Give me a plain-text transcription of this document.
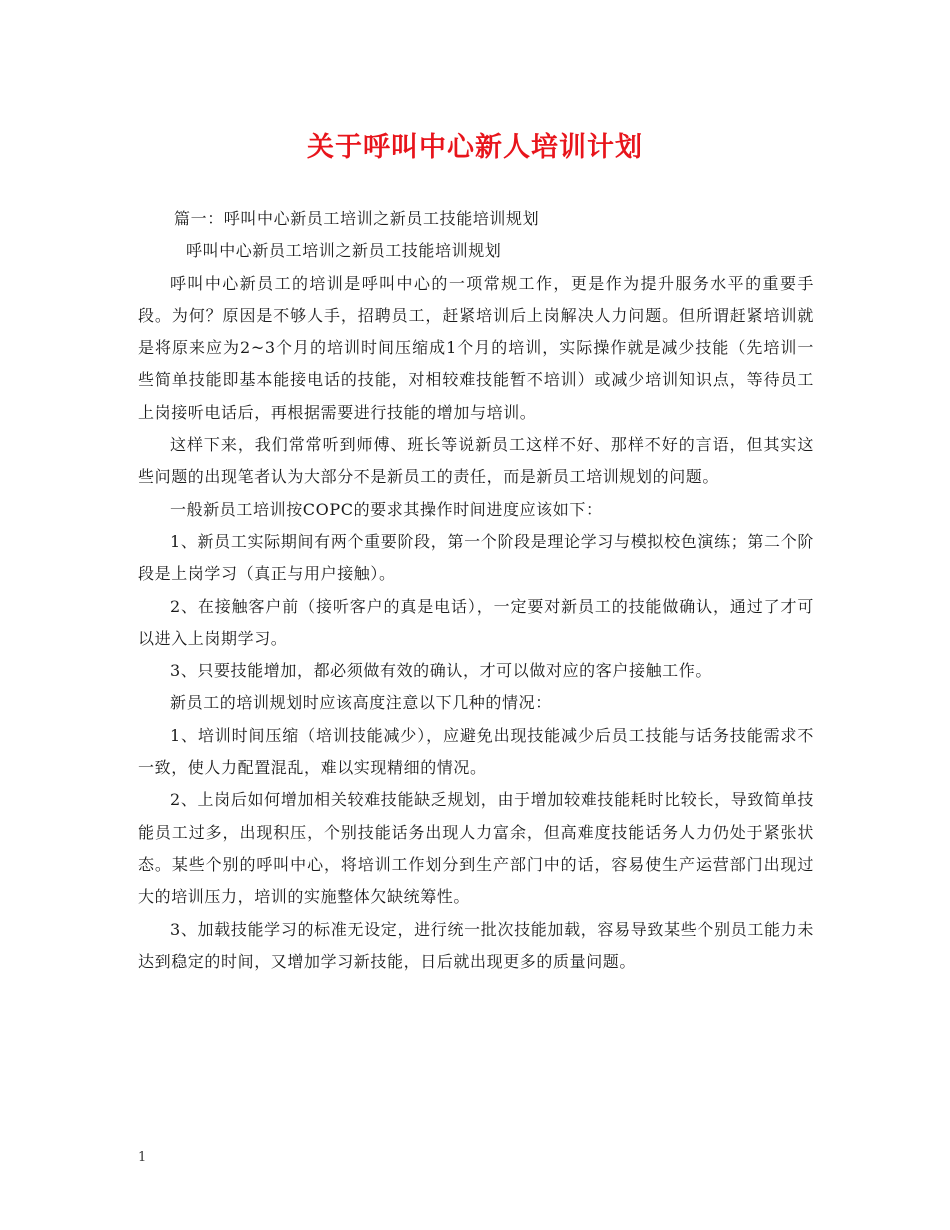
关于呼叫中心新人培训计划

篇一：呼叫中心新员工培训之新员工技能培训规划

呼叫中心新员工培训之新员工技能培训规划

呼叫中心新员工的培训是呼叫中心的一项常规工作，更是作为提升服务水平的重要手段。为何？原因是不够人手，招聘员工，赶紧培训后上岗解决人力问题。但所谓赶紧培训就是将原来应为2~3个月的培训时间压缩成1个月的培训，实际操作就是减少技能（先培训一些简单技能即基本能接电话的技能，对相较难技能暂不培训）或减少培训知识点，等待员工上岗接听电话后，再根据需要进行技能的增加与培训。

这样下来，我们常常听到师傅、班长等说新员工这样不好、那样不好的言语，但其实这些问题的出现笔者认为大部分不是新员工的责任，而是新员工培训规划的问题。

一般新员工培训按COPC的要求其操作时间进度应该如下：

1、新员工实际期间有两个重要阶段，第一个阶段是理论学习与模拟校色演练；第二个阶段是上岗学习（真正与用户接触）。

2、在接触客户前（接听客户的真是电话），一定要对新员工的技能做确认，通过了才可以进入上岗期学习。

3、只要技能增加，都必须做有效的确认，才可以做对应的客户接触工作。

新员工的培训规划时应该高度注意以下几种的情况：

1、培训时间压缩（培训技能减少），应避免出现技能减少后员工技能与话务技能需求不一致，使人力配置混乱，难以实现精细的情况。

2、上岗后如何增加相关较难技能缺乏规划，由于增加较难技能耗时比较长，导致简单技能员工过多，出现积压，个别技能话务出现人力富余，但高难度技能话务人力仍处于紧张状态。某些个别的呼叫中心，将培训工作划分到生产部门中的话，容易使生产运营部门出现过大的培训压力，培训的实施整体欠缺统筹性。

3、加载技能学习的标准无设定，进行统一批次技能加载，容易导致某些个别员工能力未达到稳定的时间，又增加学习新技能，日后就出现更多的质量问题。

1
